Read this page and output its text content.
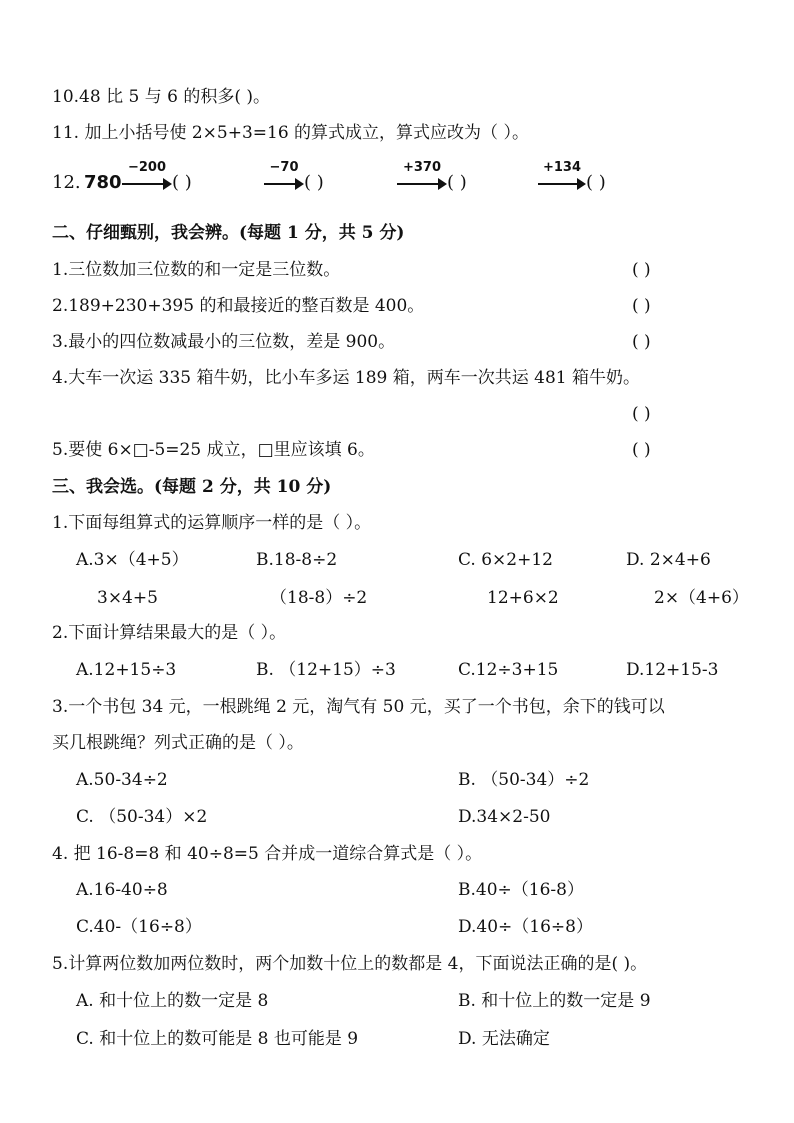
10.48 比 5 与 6 的积多( )。
11. 加上小括号使 2×5+3=16 的算式成立，算式应改为（ ）。
12. 780
−200
( )
−70
( )
+370
( )
+134
( )
二、仔细甄别，我会辨。(每题 1 分，共 5 分)
1.三位数加三位数的和一定是三位数。	( )
2.189+230+395 的和最接近的整百数是 400。	( )
3.最小的四位数减最小的三位数，差是 900。	( )
4.大车一次运 335 箱牛奶，比小车多运 189 箱，两车一次共运 481 箱牛奶。
( )
5.要使 6×□-5=25 成立，□里应该填 6。	( )
三、我会选。(每题 2 分，共 10 分)
1.下面每组算式的运算顺序一样的是（ ）。
A.3×（4+5）	B.18-8÷2	C. 6×2+12	D. 2×4+6
3×4+5	（18-8）÷2	12+6×2	2×（4+6）
2.下面计算结果最大的是（ ）。
A.12+15÷3	B. （12+15）÷3	C.12÷3+15	D.12+15-3
3.一个书包 34 元，一根跳绳 2 元，淘气有 50 元，买了一个书包，余下的钱可以
买几根跳绳？列式正确的是（ ）。
A.50-34÷2	B. （50-34）÷2
C. （50-34）×2	D.34×2-50
4. 把 16-8=8 和 40÷8=5 合并成一道综合算式是（ ）。
A.16-40÷8	B.40÷（16-8）
C.40-（16÷8）	D.40÷（16÷8）
5.计算两位数加两位数时，两个加数十位上的数都是 4，下面说法正确的是( )。
A. 和十位上的数一定是 8	B. 和十位上的数一定是 9
C. 和十位上的数可能是 8 也可能是 9	D. 无法确定
